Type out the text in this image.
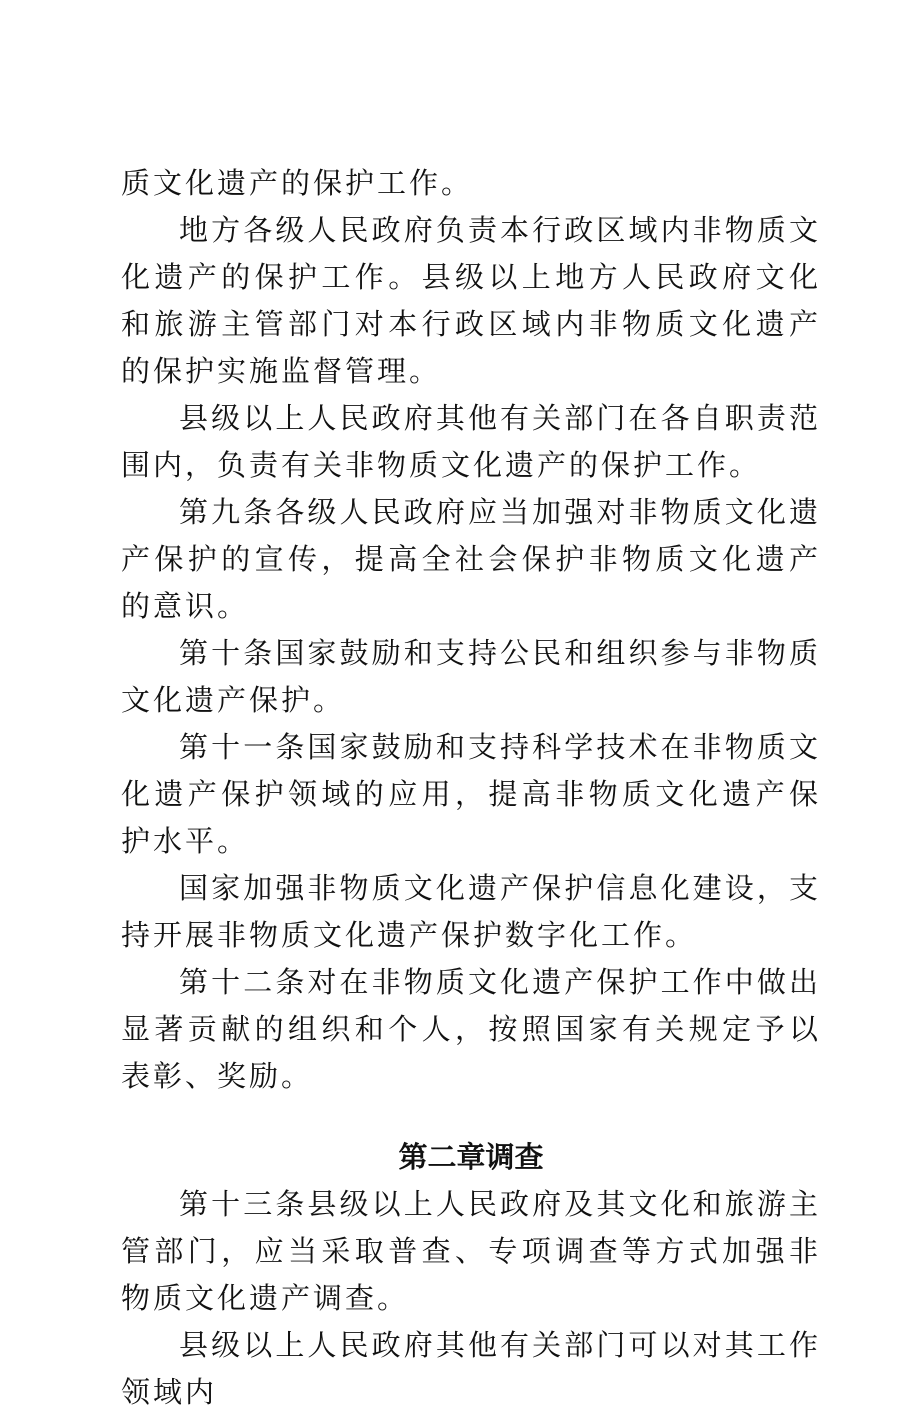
质文化遗产的保护工作。

地方各级人民政府负责本行政区域内非物质文化遗产的保护工作。县级以上地方人民政府文化和旅游主管部门对本行政区域内非物质文化遗产的保护实施监督管理。

县级以上人民政府其他有关部门在各自职责范围内，负责有关非物质文化遗产的保护工作。

第九条各级人民政府应当加强对非物质文化遗产保护的宣传，提高全社会保护非物质文化遗产的意识。

第十条国家鼓励和支持公民和组织参与非物质文化遗产保护。

第十一条国家鼓励和支持科学技术在非物质文化遗产保护领域的应用，提高非物质文化遗产保护水平。

国家加强非物质文化遗产保护信息化建设，支持开展非物质文化遗产保护数字化工作。

第十二条对在非物质文化遗产保护工作中做出显著贡献的组织和个人，按照国家有关规定予以表彰、奖励。

第二章调查

第十三条县级以上人民政府及其文化和旅游主管部门，应当采取普查、专项调查等方式加强非物质文化遗产调查。

县级以上人民政府其他有关部门可以对其工作领域内
